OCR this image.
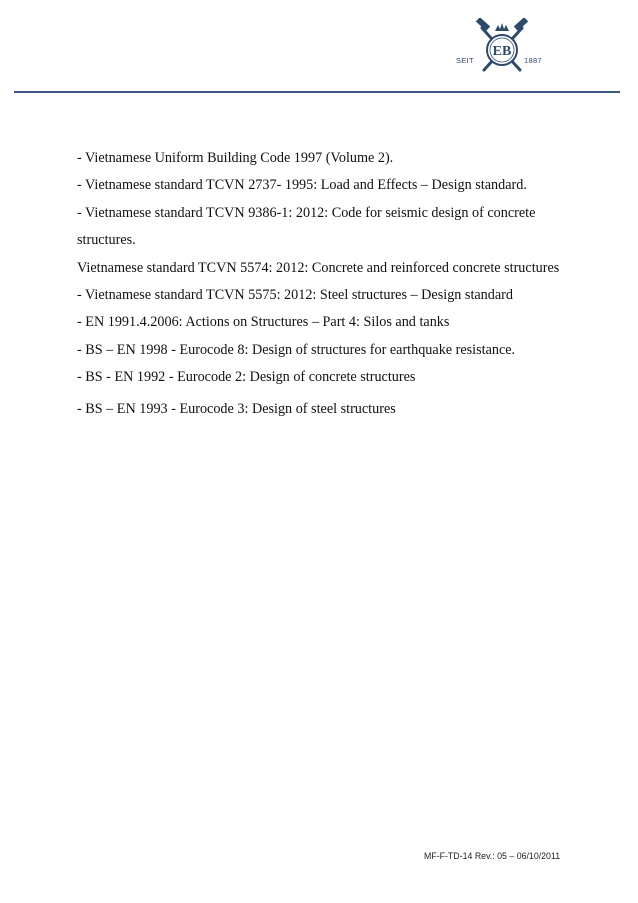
SEIT
EB
1887
- Vietnamese Uniform Building Code 1997 (Volume 2).
- Vietnamese standard TCVN 2737- 1995: Load and Effects – Design standard.
- Vietnamese standard TCVN 9386-1: 2012: Code for seismic design of concrete
structures.
Vietnamese standard TCVN 5574: 2012: Concrete and reinforced concrete structures
- Vietnamese standard TCVN 5575: 2012: Steel structures – Design standard
- EN 1991.4.2006: Actions on Structures – Part 4: Silos and tanks
- BS – EN 1998 - Eurocode 8: Design of structures for earthquake resistance.
- BS - EN 1992 - Eurocode 2: Design of concrete structures
- BS – EN 1993 - Eurocode 3: Design of steel structures
MF-F-TD-14 Rev.: 05 – 06/10/2011
